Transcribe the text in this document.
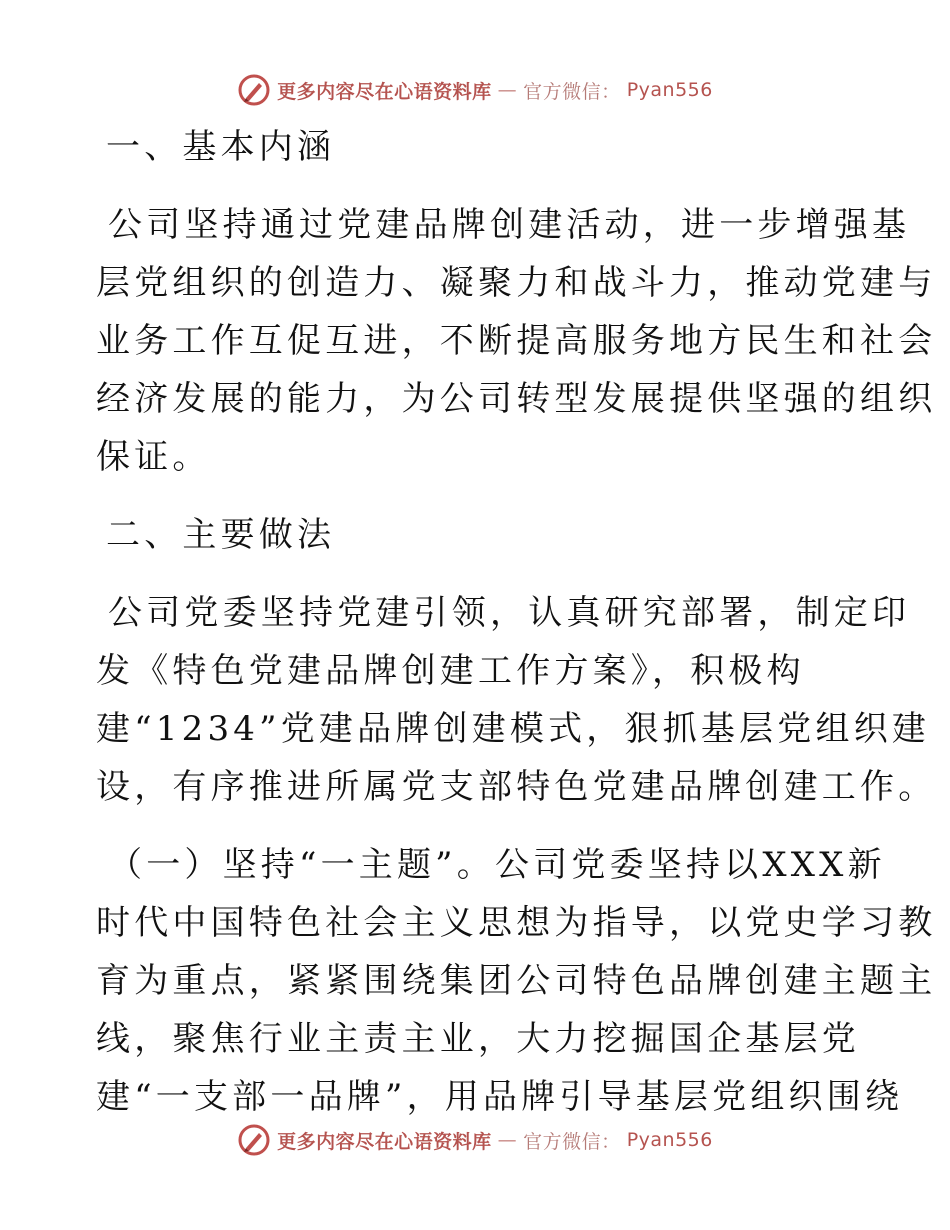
更多内容尽在心语资料库 — 官方微信： Pyan556
一、基本内涵
公司坚持通过党建品牌创建活动，进一步增强基
层党组织的创造力、凝聚力和战斗力，推动党建与
业务工作互促互进，不断提高服务地方民生和社会
经济发展的能力，为公司转型发展提供坚强的组织
保证。
二、主要做法
公司党委坚持党建引领，认真研究部署，制定印
发《特色党建品牌创建工作方案》，积极构
建“1234”党建品牌创建模式，狠抓基层党组织建
设，有序推进所属党支部特色党建品牌创建工作。
（一）坚持“一主题”。公司党委坚持以XXX新
时代中国特色社会主义思想为指导，以党史学习教
育为重点，紧紧围绕集团公司特色品牌创建主题主
线，聚焦行业主责主业，大力挖掘国企基层党
建“一支部一品牌”，用品牌引导基层党组织围绕
更多内容尽在心语资料库 — 官方微信： Pyan556
